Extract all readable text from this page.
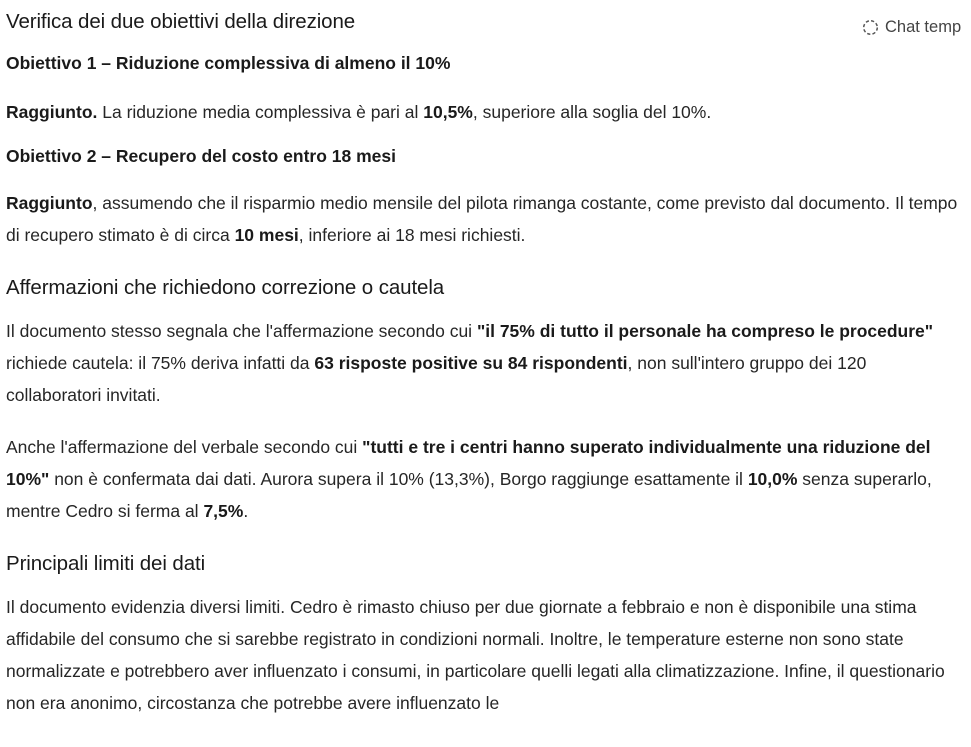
Chat temp
Verifica dei due obiettivi della direzione
Obiettivo 1 – Riduzione complessiva di almeno il 10%

Raggiunto. La riduzione media complessiva è pari al 10,5%, superiore alla soglia del 10%.

Obiettivo 2 – Recupero del costo entro 18 mesi

Raggiunto, assumendo che il risparmio medio mensile del pilota rimanga costante, come previsto dal documento. Il tempo di recupero stimato è di circa 10 mesi, inferiore ai 18 mesi richiesti.

Affermazioni che richiedono correzione o cautela

Il documento stesso segnala che l'affermazione secondo cui "il 75% di tutto il personale ha compreso le procedure" richiede cautela: il 75% deriva infatti da 63 risposte positive su 84 rispondenti, non sull'intero gruppo dei 120 collaboratori invitati.

Anche l'affermazione del verbale secondo cui "tutti e tre i centri hanno superato individualmente una riduzione del 10%" non è confermata dai dati. Aurora supera il 10% (13,3%), Borgo raggiunge esattamente il 10,0% senza superarlo, mentre Cedro si ferma al 7,5%.

Principali limiti dei dati

Il documento evidenzia diversi limiti. Cedro è rimasto chiuso per due giornate a febbraio e non è disponibile una stima affidabile del consumo che si sarebbe registrato in condizioni normali. Inoltre, le temperature esterne non sono state normalizzate e potrebbero aver influenzato i consumi, in particolare quelli legati alla climatizzazione. Infine, il questionario non era anonimo, circostanza che potrebbe avere influenzato le
